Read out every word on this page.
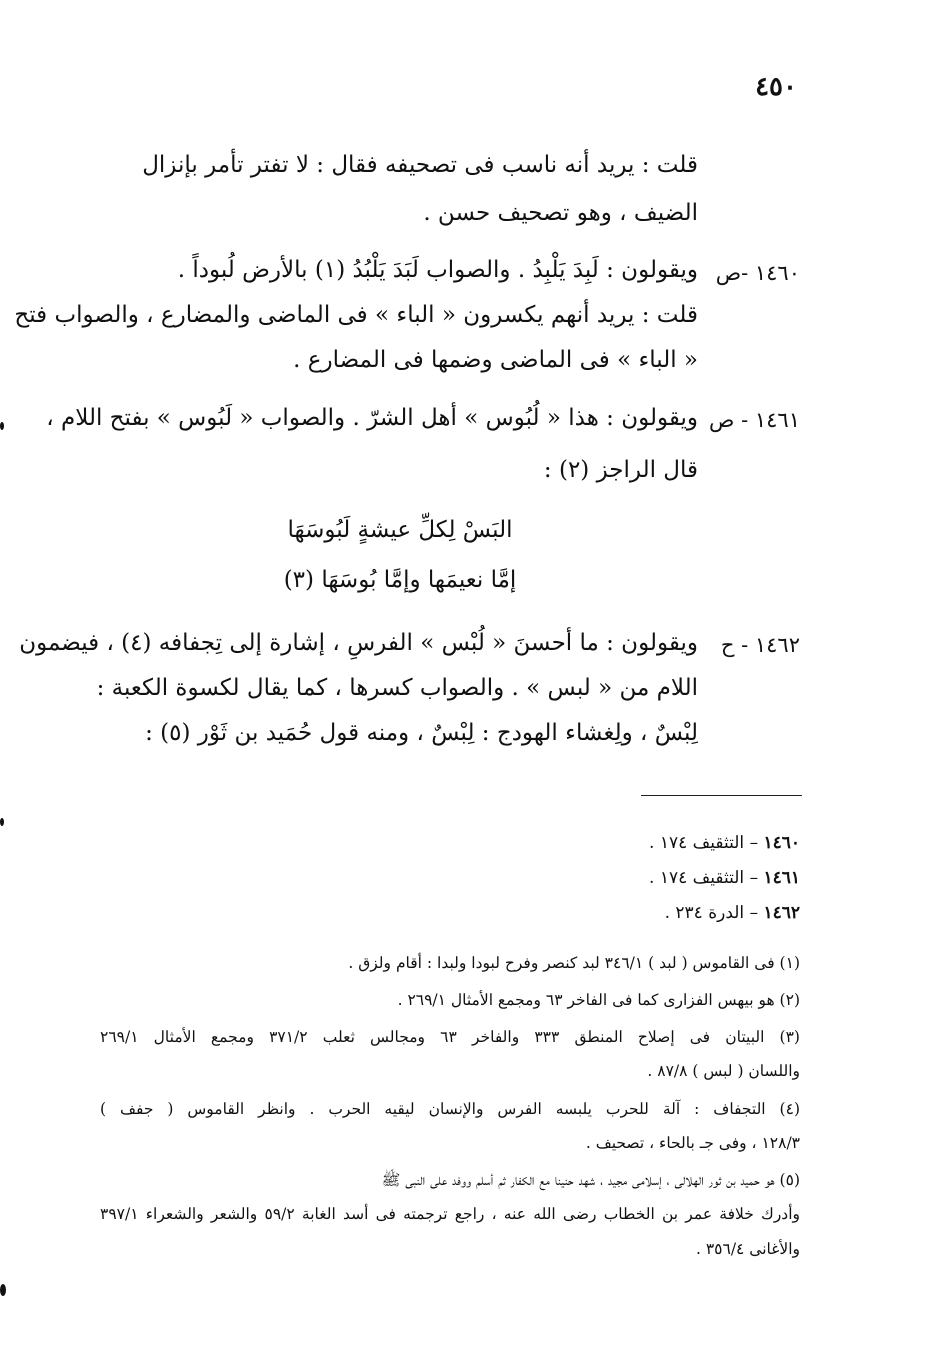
٤٥٠
قلت : يريد أنه ناسب فى تصحيفه فقال : لا تفتر تأمر بإنزال
الضيف ، وهو تصحيف حسن .
١٤٦٠ -ص
ويقولون : لَبِدَ يَلْبِدُ . والصواب لَبَدَ يَلْبُدُ (١) بالأرض لُبوداً .
قلت : يريد أنهم يكسرون « الباء » فى الماضى والمضارع ، والصواب فتح
« الباء » فى الماضى وضمها فى المضارع .
١٤٦١ - ص
ويقولون : هذا « لُبُوس » أهل الشرّ . والصواب « لَبُوس » بفتح اللام ،
قال الراجز (٢) :
البَسْ لِكلِّ عيشةٍ لَبُوسَهَا
إمَّا نعيمَها وإمَّا بُوسَهَا (٣)
١٤٦٢ - ح
ويقولون : ما أحسنَ « لُبْس » الفرسِ ، إشارة إلى تِجفافه (٤) ، فيضمون
اللام من « لبس » . والصواب كسرها ، كما يقال لكسوة الكعبة :
لِبْسٌ ، ولِغشاء الهودج : لِبْسٌ ، ومنه قول حُمَيد بن ثَوْر (٥) :
١٤٦٠ – التثقيف ١٧٤ .
١٤٦١ – التثقيف ١٧٤ .
١٤٦٢ – الدرة ٢٣٤ .
(١) فى القاموس ( لبد ) ٣٤٦/١ لبد كنصر وفرح لبودا ولبدا : أقام ولزق .
(٢) هو بيهس الفزارى كما فى الفاخر ٦٣ ومجمع الأمثال ٢٦٩/١ .
(٣) البيتان فى إصلاح المنطق ٣٣٣ والفاخر ٦٣ ومجالس ثعلب ٣٧١/٢ ومجمع الأمثال ٢٦٩/١
واللسان ( لبس ) ٨٧/٨ .
(٤) التجفاف : آلة للحرب يلبسه الفرس والإنسان ليقيه الحرب . وانظر القاموس ( جفف )
١٢٨/٣ ، وفى جـ بالحاء ، تصحيف .
(٥) هو حميد بن ثور الهلالى ، إسلامى مجيد ، شهد حنينا مع الكفار ثم أسلم ووفد على النبى ﷺ
وأدرك خلافة عمر بن الخطاب رضى الله عنه ، راجع ترجمته فى أسد الغابة ٥٩/٢ والشعر والشعراء ٣٩٧/١
والأغانى ٣٥٦/٤ .
